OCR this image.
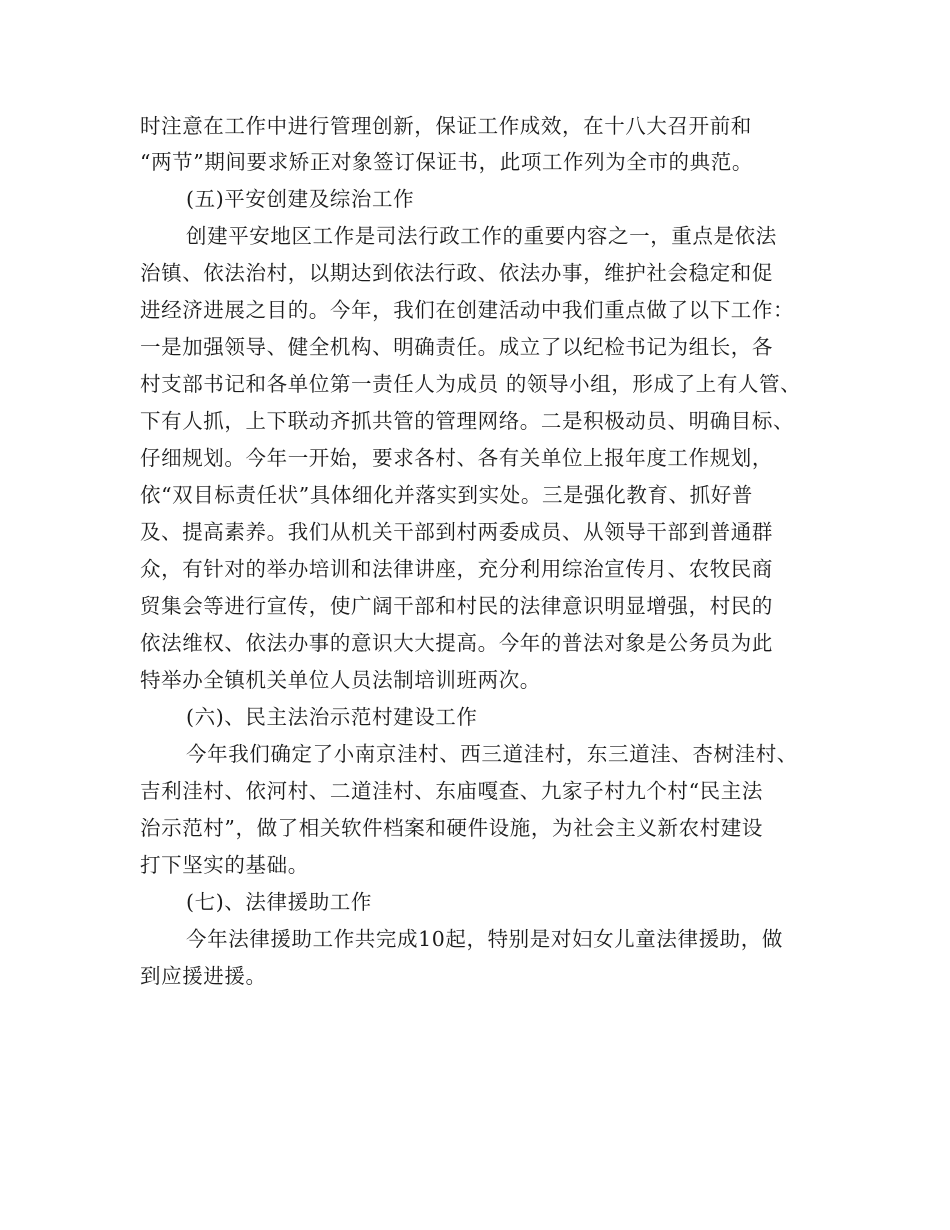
时注意在工作中进行管理创新，保证工作成效，在十八大召开前和
“两节”期间要求矫正对象签订保证书，此项工作列为全市的典范。
(五)平安创建及综治工作
创建平安地区工作是司法行政工作的重要内容之一，重点是依法
治镇、依法治村，以期达到依法行政、依法办事，维护社会稳定和促
进经济进展之目的。今年，我们在创建活动中我们重点做了以下工作：
一是加强领导、健全机构、明确责任。成立了以纪检书记为组长，各
村支部书记和各单位第一责任人为成员 的领导小组，形成了上有人管、
下有人抓，上下联动齐抓共管的管理网络。二是积极动员、明确目标、
仔细规划。今年一开始，要求各村、各有关单位上报年度工作规划，
依“双目标责任状”具体细化并落实到实处。三是强化教育、抓好普
及、提高素养。我们从机关干部到村两委成员、从领导干部到普通群
众，有针对的举办培训和法律讲座，充分利用综治宣传月、农牧民商
贸集会等进行宣传，使广阔干部和村民的法律意识明显增强，村民的
依法维权、依法办事的意识大大提高。今年的普法对象是公务员为此
特举办全镇机关单位人员法制培训班两次。
(六)、民主法治示范村建设工作
今年我们确定了小南京洼村、西三道洼村，东三道洼、杏树洼村、
吉利洼村、依河村、二道洼村、东庙嘎查、九家子村九个村“民主法
治示范村”，做了相关软件档案和硬件设施，为社会主义新农村建设
打下坚实的基础。
(七)、法律援助工作
今年法律援助工作共完成10起，特别是对妇女儿童法律援助，做
到应援进援。
